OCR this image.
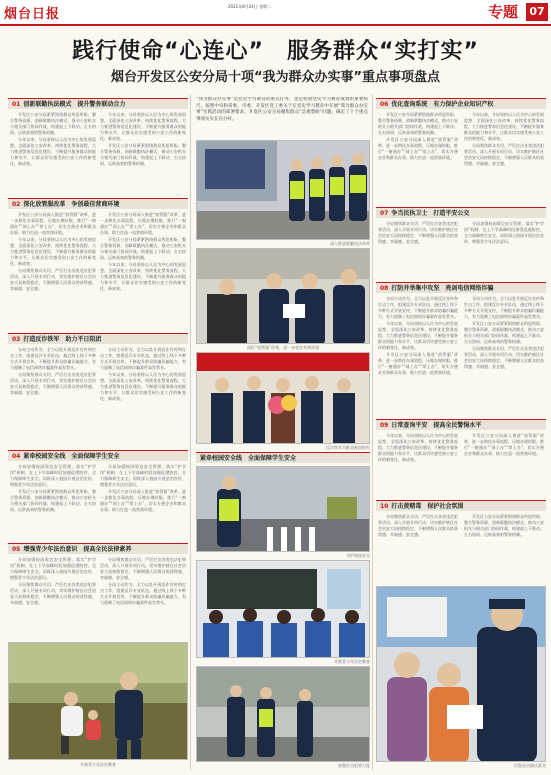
烟台日报
2021年8月24日 星期二	专题	07
践行使命“心连心”　服务群众“实打实”
烟台开发区公安分局十项“我为群众办实事”重点事项盘点
01 创新联勤执法模式　提升警务联动合力

开发区公安分局紧紧围绕群众所思所盼，整合警务资源，创新联勤执法模式，推动公安机关与相关部门协同作战，构建起上下联动、左右协同、运转高效的警务机制。

今年以来，分局坚持以人民为中心的发展思想，全面深化公安改革，持续优化警务流程，大力推进警务信息化建设，不断提升服务群众的能力和水平，让群众切实感受到公安工作的新变化、新成效。

今年以来，分局坚持以人民为中心的发展思想，全面深化公安改革，持续优化警务流程，大力推进警务信息化建设，不断提升服务群众的能力和水平，让群众切实感受到公安工作的新变化、新成效。

开发区公安分局紧紧围绕群众所思所盼，整合警务资源，创新联勤执法模式，推动公安机关与相关部门协同作战，构建起上下联动、左右协同、运转高效的警务机制。

02 深化放管服改革　争创最佳营商环境

开发区公安分局深入推进“放管服”改革，进一步简化办事流程，压缩办理时限，推行“一窗通办”“网上办”“掌上办”，切实方便企业和群众办事，助力打造一流营商环境。

今年以来，分局坚持以人民为中心的发展思想，全面深化公安改革，持续优化警务流程，大力推进警务信息化建设，不断提升服务群众的能力和水平，让群众切实感受到公安工作的新变化、新成效。

分局聚焦群众关切，严厉打击各类违法犯罪活动，深入开展专项行动，切实维护辖区社会治安大局持续稳定，不断增强人民群众的获得感、幸福感、安全感。

开发区公安分局深入推进“放管服”改革，进一步简化办事流程，压缩办理时限，推行“一窗通办”“网上办”“掌上办”，切实方便企业和群众办事，助力打造一流营商环境。

开发区公安分局紧紧围绕群众所思所盼，整合警务资源，创新联勤执法模式，推动公安机关与相关部门协同作战，构建起上下联动、左右协同、运转高效的警务机制。

今年以来，分局坚持以人民为中心的发展思想，全面深化公安改革，持续优化警务流程，大力推进警务信息化建设，不断提升服务群众的能力和水平，让群众切实感受到公安工作的新变化、新成效。

03 打造反诈铁军　助力平日阻团

分局主动作为，全力以赴开展反诈宣传和打击工作，组建反诈专业队伍，通过线上线下多种方式开展宣传，不断提升群众防骗识骗能力，有力遏制了电信网络诈骗案件高发势头。

分局聚焦群众关切，严厉打击各类违法犯罪活动，深入开展专项行动，切实维护辖区社会治安大局持续稳定，不断增强人民群众的获得感、幸福感、安全感。

分局主动作为，全力以赴开展反诈宣传和打击工作，组建反诈专业队伍，通过线上线下多种方式开展宣传，不断提升群众防骗识骗能力，有力遏制了电信网络诈骗案件高发势头。

今年以来，分局坚持以人民为中心的发展思想，全面深化公安改革，持续优化警务流程，大力推进警务信息化建设，不断提升服务群众的能力和水平，让群众切实感受到公安工作的新变化、新成效。

04 紧牵校园安全线　全面保障学生安全

分局加强校园周边安全管理，落实“护学岗”机制，在上下学高峰时段加强巡逻防控，全力保障师生安全。同时深入校园开展法治宣传，增强青少年法治意识。

开发区公安分局紧紧围绕群众所思所盼，整合警务资源，创新联勤执法模式，推动公安机关与相关部门协同作战，构建起上下联动、左右协同、运转高效的警务机制。

分局加强校园周边安全管理，落实“护学岗”机制，在上下学高峰时段加强巡逻防控，全力保障师生安全。同时深入校园开展法治宣传，增强青少年法治意识。

开发区公安分局深入推进“放管服”改革，进一步简化办事流程，压缩办理时限，推行“一窗通办”“网上办”“掌上办”，切实方便企业和群众办事，助力打造一流营商环境。

05 增强青少年法治意识　提高全民法律素养

分局加强校园周边安全管理，落实“护学岗”机制，在上下学高峰时段加强巡逻防控，全力保障师生安全。同时深入校园开展法治宣传，增强青少年法治意识。

分局聚焦群众关切，严厉打击各类违法犯罪活动，深入开展专项行动，切实维护辖区社会治安大局持续稳定，不断增强人民群众的获得感、幸福感、安全感。

分局聚焦群众关切，严厉打击各类违法犯罪活动，深入开展专项行动，切实维护辖区社会治安大局持续稳定，不断增强人民群众的获得感、幸福感、安全感。

分局主动作为，全力以赴开展反诈宣传和打击工作，组建反诈专业队伍，通过线上线下多种方式开展宣传，不断提升群众防骗识骗能力，有力遏制了电信网络诈骗案件高发势头。

开展青少年法治教育
“我为群众办实事”是党史学习教育的重点任务，也是检验党史学习教育成效的重要标尺。按照中央和省委、市委、开发区党工委关于在党史学习教育中开展“我为群众办实事”实践活动的部署要求，开发区公安分局聚焦群众“急难愁盼”问题，确定了十个重点事项实实在在办好。
深入推进联勤执法改革

深化“放管服”改革，进一步优化营商环境
反诈铁军为群众挽回损失
紧牵校园安全线　全面保障学生安全

守护校园安全
开展青少年法治教育
加强打击犯罪力度
06 优化查询系统　有力保护企业知识产权

开发区公安分局紧紧围绕群众所思所盼，整合警务资源，创新联勤执法模式，推动公安机关与相关部门协同作战，构建起上下联动、左右协同、运转高效的警务机制。

开发区公安分局深入推进“放管服”改革，进一步简化办事流程，压缩办理时限，推行“一窗通办”“网上办”“掌上办”，切实方便企业和群众办事，助力打造一流营商环境。

今年以来，分局坚持以人民为中心的发展思想，全面深化公安改革，持续优化警务流程，大力推进警务信息化建设，不断提升服务群众的能力和水平，让群众切实感受到公安工作的新变化、新成效。

分局聚焦群众关切，严厉打击各类违法犯罪活动，深入开展专项行动，切实维护辖区社会治安大局持续稳定，不断增强人民群众的获得感、幸福感、安全感。

07 争当民执卫士　打造平安公交

分局聚焦群众关切，严厉打击各类违法犯罪活动，深入开展专项行动，切实维护辖区社会治安大局持续稳定，不断增强人民群众的获得感、幸福感、安全感。

分局加强校园周边安全管理，落实“护学岗”机制，在上下学高峰时段加强巡逻防控，全力保障师生安全。同时深入校园开展法治宣传，增强青少年法治意识。

08 打防并举集中攻坚　亮剑电信网络诈骗

分局主动作为，全力以赴开展反诈宣传和打击工作，组建反诈专业队伍，通过线上线下多种方式开展宣传，不断提升群众防骗识骗能力，有力遏制了电信网络诈骗案件高发势头。

今年以来，分局坚持以人民为中心的发展思想，全面深化公安改革，持续优化警务流程，大力推进警务信息化建设，不断提升服务群众的能力和水平，让群众切实感受到公安工作的新变化、新成效。

开发区公安分局深入推进“放管服”改革，进一步简化办事流程，压缩办理时限，推行“一窗通办”“网上办”“掌上办”，切实方便企业和群众办事，助力打造一流营商环境。

分局主动作为，全力以赴开展反诈宣传和打击工作，组建反诈专业队伍，通过线上线下多种方式开展宣传，不断提升群众防骗识骗能力，有力遏制了电信网络诈骗案件高发势头。

开发区公安分局紧紧围绕群众所思所盼，整合警务资源，创新联勤执法模式，推动公安机关与相关部门协同作战，构建起上下联动、左右协同、运转高效的警务机制。

分局聚焦群众关切，严厉打击各类违法犯罪活动，深入开展专项行动，切实维护辖区社会治安大局持续稳定，不断增强人民群众的获得感、幸福感、安全感。

09 日常查询平安　提高全民警惕水平

今年以来，分局坚持以人民为中心的发展思想，全面深化公安改革，持续优化警务流程，大力推进警务信息化建设，不断提升服务群众的能力和水平，让群众切实感受到公安工作的新变化、新成效。

开发区公安分局深入推进“放管服”改革，进一步简化办事流程，压缩办理时限，推行“一窗通办”“网上办”“掌上办”，切实方便企业和群众办事，助力打造一流营商环境。

10 打击黄赌毒　保护社会氛围

分局聚焦群众关切，严厉打击各类违法犯罪活动，深入开展专项行动，切实维护辖区社会治安大局持续稳定，不断增强人民群众的获得感、幸福感、安全感。

开发区公安分局紧紧围绕群众所思所盼，整合警务资源，创新联勤执法模式，推动公安机关与相关部门协同作战，构建起上下联动、左右协同、运转高效的警务机制。

民警走访辖区群众
